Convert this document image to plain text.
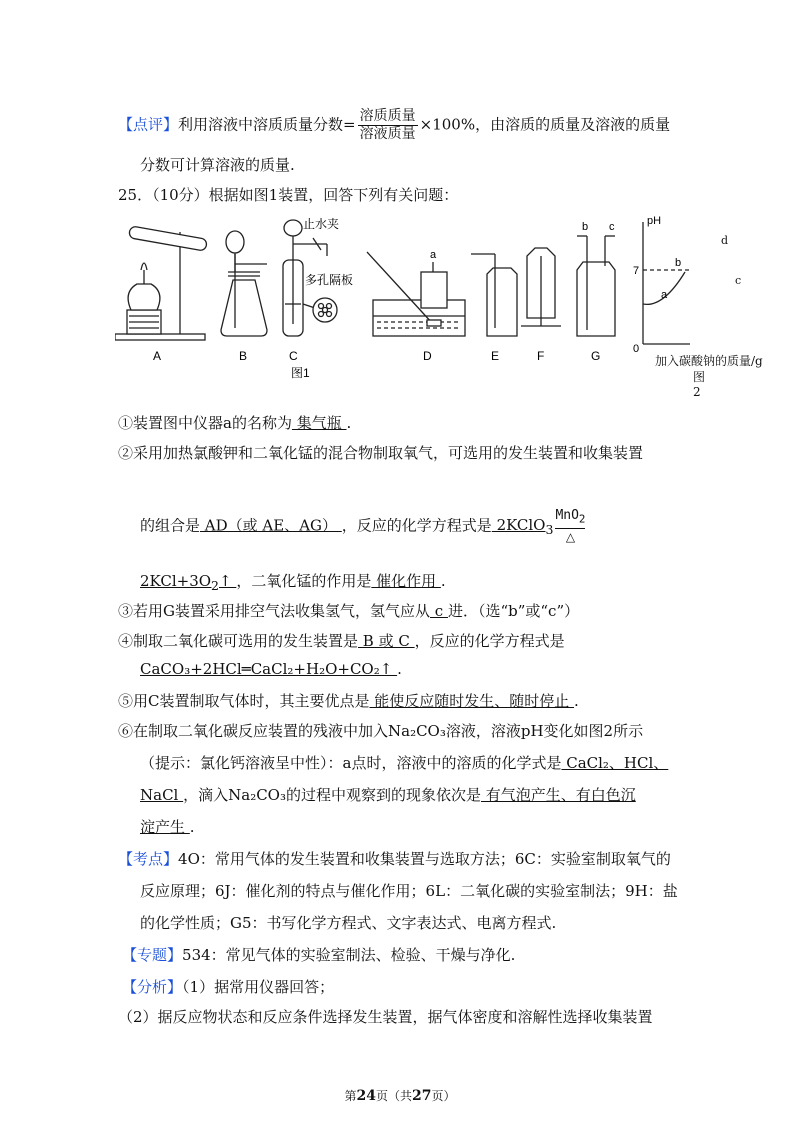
【点评】利用溶液中溶质质量分数= $\frac{\text{溶质质量}}{\text{溶液质量}} \times 100\%$，由溶质的质量及溶液的质量
分数可计算溶液的质量.
25．（10分）根据如图1装置，回答下列有关问题：
A	B	C	D	E	F	G
a
止水夹
多孔隔板
b c	pH
7
0
a
b
图1
加入碳酸钠的质量/g
图2
d
c
①装置图中仪器a的名称为 集气瓶 .
②采用加热氯酸钾和二氧化锰的混合物制取氧气，可选用的发生装置和收集装置
的组合是 AD（或 AE、AG） ，反应的化学方程式是 2KClO$_3$
MnO$_2$
△
$2KCl+3O_2↑$ ，二氧化锰的作用是 催化作用 .
③若用G装置采用排空气法收集氢气，氢气应从 c 进．（选“b”或“c”）
④制取二氧化碳可选用的发生装置是 B 或 C ，反应的化学方程式是
CaCO₃+2HCl═CaCl₂+H₂O+CO₂↑ .
⑤用C装置制取气体时，其主要优点是 能使反应随时发生、随时停止 .
⑥在制取二氧化碳反应装置的残液中加入Na₂CO₃溶液，溶液pH变化如图2所示
（提示：氯化钙溶液呈中性）：a点时，溶液中的溶质的化学式是 CaCl₂、HCl、
NaCl ，滴入Na₂CO₃的过程中观察到的现象依次是 有气泡产生、有白色沉
淀产生 .
【考点】4O：常用气体的发生装置和收集装置与选取方法；6C：实验室制取氧气的
反应原理；6J：催化剂的特点与催化作用；6L：二氧化碳的实验室制法；9H：盐
的化学性质；G5：书写化学方程式、文字表达式、电离方程式.
【专题】534：常见气体的实验室制法、检验、干燥与净化.
【分析】（1）据常用仪器回答；
（2）据反应物状态和反应条件选择发生装置，据气体密度和溶解性选择收集装置
第24页（共27页）
